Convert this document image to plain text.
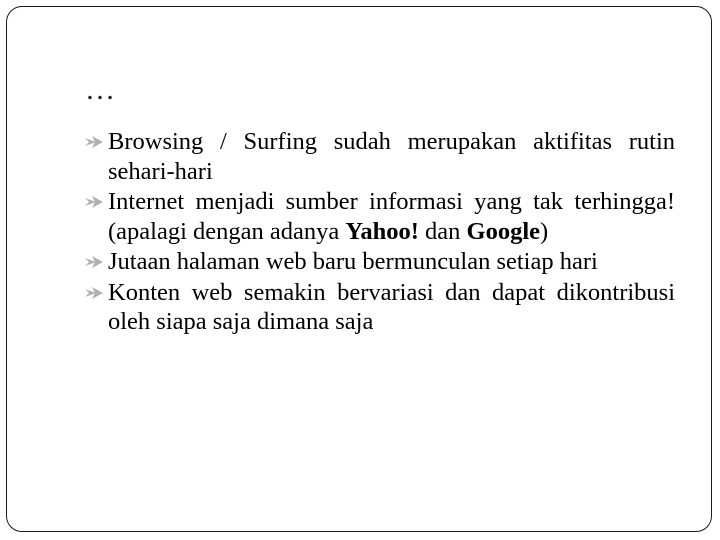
…
Browsing / Surfing sudah merupakan aktifitas rutin sehari-hari
Internet menjadi sumber informasi yang tak terhingga! (apalagi dengan adanya Yahoo! dan Google)
Jutaan halaman web baru bermunculan setiap hari
Konten web semakin bervariasi dan dapat dikontribusi oleh siapa saja dimana saja
